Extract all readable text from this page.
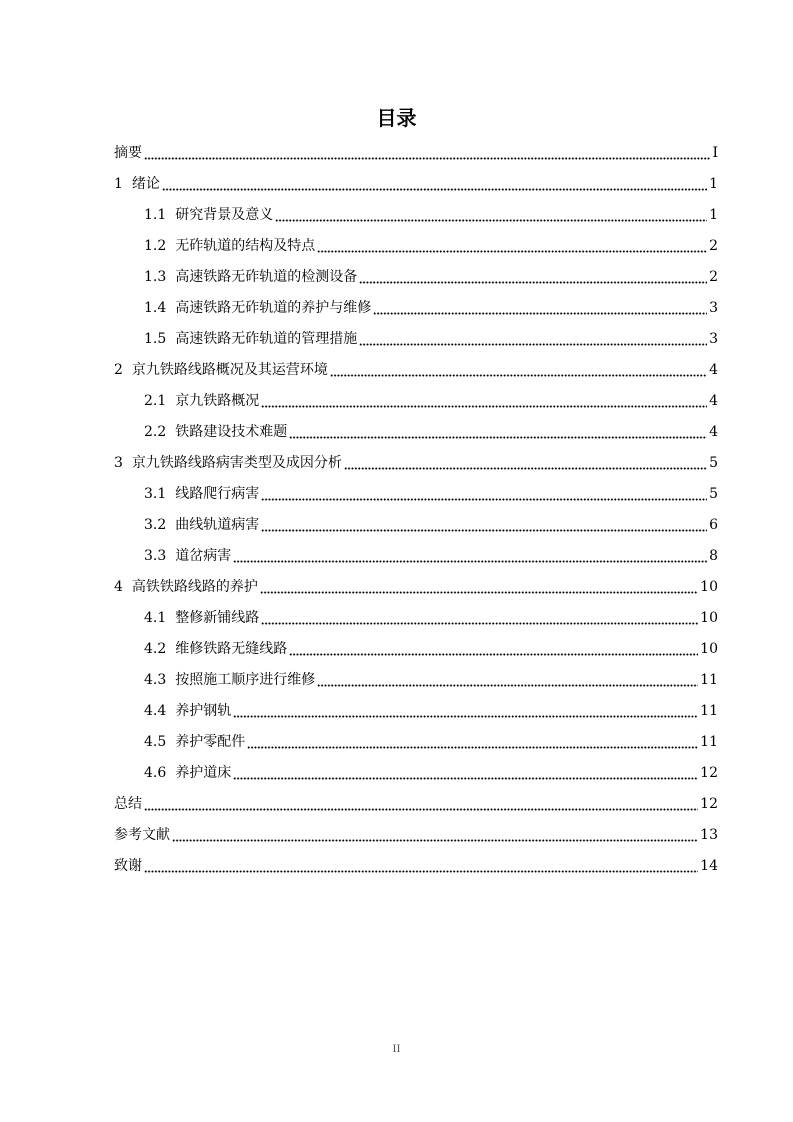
目录
摘要	I
1 绪论	1
1.1 研究背景及意义	1
1.2 无砟轨道的结构及特点	2
1.3 高速铁路无砟轨道的检测设备	2
1.4 高速铁路无砟轨道的养护与维修	3
1.5 高速铁路无砟轨道的管理措施	3
2 京九铁路线路概况及其运营环境	4
2.1 京九铁路概况	4
2.2 铁路建设技术难题	4
3 京九铁路线路病害类型及成因分析	5
3.1 线路爬行病害	5
3.2 曲线轨道病害	6
3.3 道岔病害	8
4 高铁铁路线路的养护	10
4.1 整修新铺线路	10
4.2 维修铁路无缝线路	10
4.3 按照施工顺序进行维修	11
4.4 养护钢轨	11
4.5 养护零配件	11
4.6 养护道床	12
总结	12
参考文献	13
致谢	14
II
